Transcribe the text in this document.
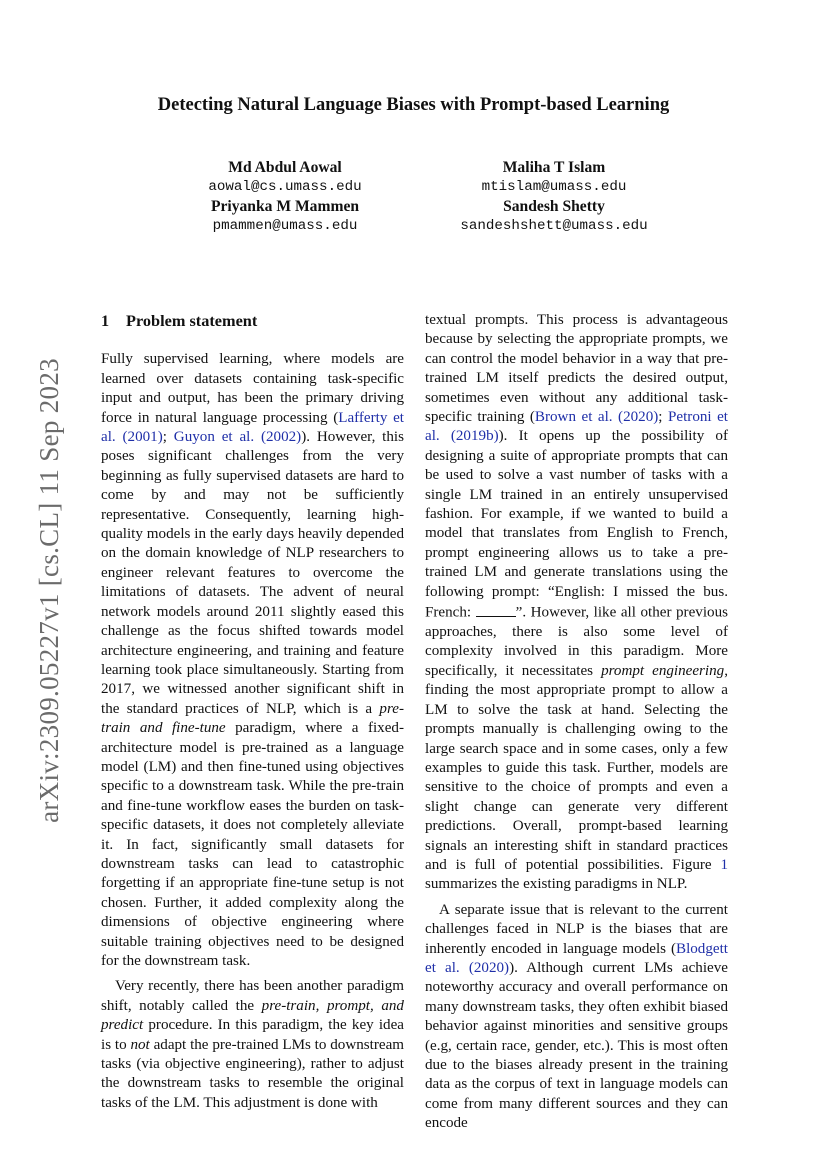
arXiv:2309.05227v1 [cs.CL] 11 Sep 2023
Detecting Natural Language Biases with Prompt-based Learning
Md Abdul Aowal
aowal@cs.umass.edu
Priyanka M Mammen
pmammen@umass.edu
Maliha T Islam
mtislam@umass.edu
Sandesh Shetty
sandeshshett@umass.edu
1 Problem statement

Fully supervised learning, where models are learned over datasets containing task-specific input and output, has been the primary driving force in natural language processing (Lafferty et al. (2001); Guyon et al. (2002)). However, this poses significant challenges from the very beginning as fully supervised datasets are hard to come by and may not be sufficiently representative. Consequently, learning high-quality models in the early days heavily depended on the domain knowledge of NLP researchers to engineer relevant features to overcome the limitations of datasets. The advent of neural network models around 2011 slightly eased this challenge as the focus shifted towards model architecture engineering, and training and feature learning took place simultaneously. Starting from 2017, we witnessed another significant shift in the standard practices of NLP, which is a pre-train and fine-tune paradigm, where a fixed-architecture model is pre-trained as a language model (LM) and then fine-tuned using objectives specific to a downstream task. While the pre-train and fine-tune workflow eases the burden on task-specific datasets, it does not completely alleviate it. In fact, significantly small datasets for downstream tasks can lead to catastrophic forgetting if an appropriate fine-tune setup is not chosen. Further, it added complexity along the dimensions of objective engineering where suitable training objectives need to be designed for the downstream task.

Very recently, there has been another paradigm shift, notably called the pre-train, prompt, and predict procedure. In this paradigm, the key idea is to not adapt the pre-trained LMs to downstream tasks (via objective engineering), rather to adjust the downstream tasks to resemble the original tasks of the LM. This adjustment is done with

textual prompts. This process is advantageous because by selecting the appropriate prompts, we can control the model behavior in a way that pre-trained LM itself predicts the desired output, sometimes even without any additional task-specific training (Brown et al. (2020); Petroni et al. (2019b)). It opens up the possibility of designing a suite of appropriate prompts that can be used to solve a vast number of tasks with a single LM trained in an entirely unsupervised fashion. For example, if we wanted to build a model that translates from English to French, prompt engineering allows us to take a pre-trained LM and generate translations using the following prompt: “English: I missed the bus. French:	”. However, like all other previous approaches, there is also some level of complexity involved in this paradigm. More specifically, it necessitates prompt engineering, finding the most appropriate prompt to allow a LM to solve the task at hand. Selecting the prompts manually is challenging owing to the large search space and in some cases, only a few examples to guide this task. Further, models are sensitive to the choice of prompts and even a slight change can generate very different predictions. Overall, prompt-based learning signals an interesting shift in standard practices and is full of potential possibilities. Figure 1 summarizes the existing paradigms in NLP.

A separate issue that is relevant to the current challenges faced in NLP is the biases that are inherently encoded in language models (Blodgett et al. (2020)). Although current LMs achieve noteworthy accuracy and overall performance on many downstream tasks, they often exhibit biased behavior against minorities and sensitive groups (e.g, certain race, gender, etc.). This is most often due to the biases already present in the training data as the corpus of text in language models can come from many different sources and they can encode
